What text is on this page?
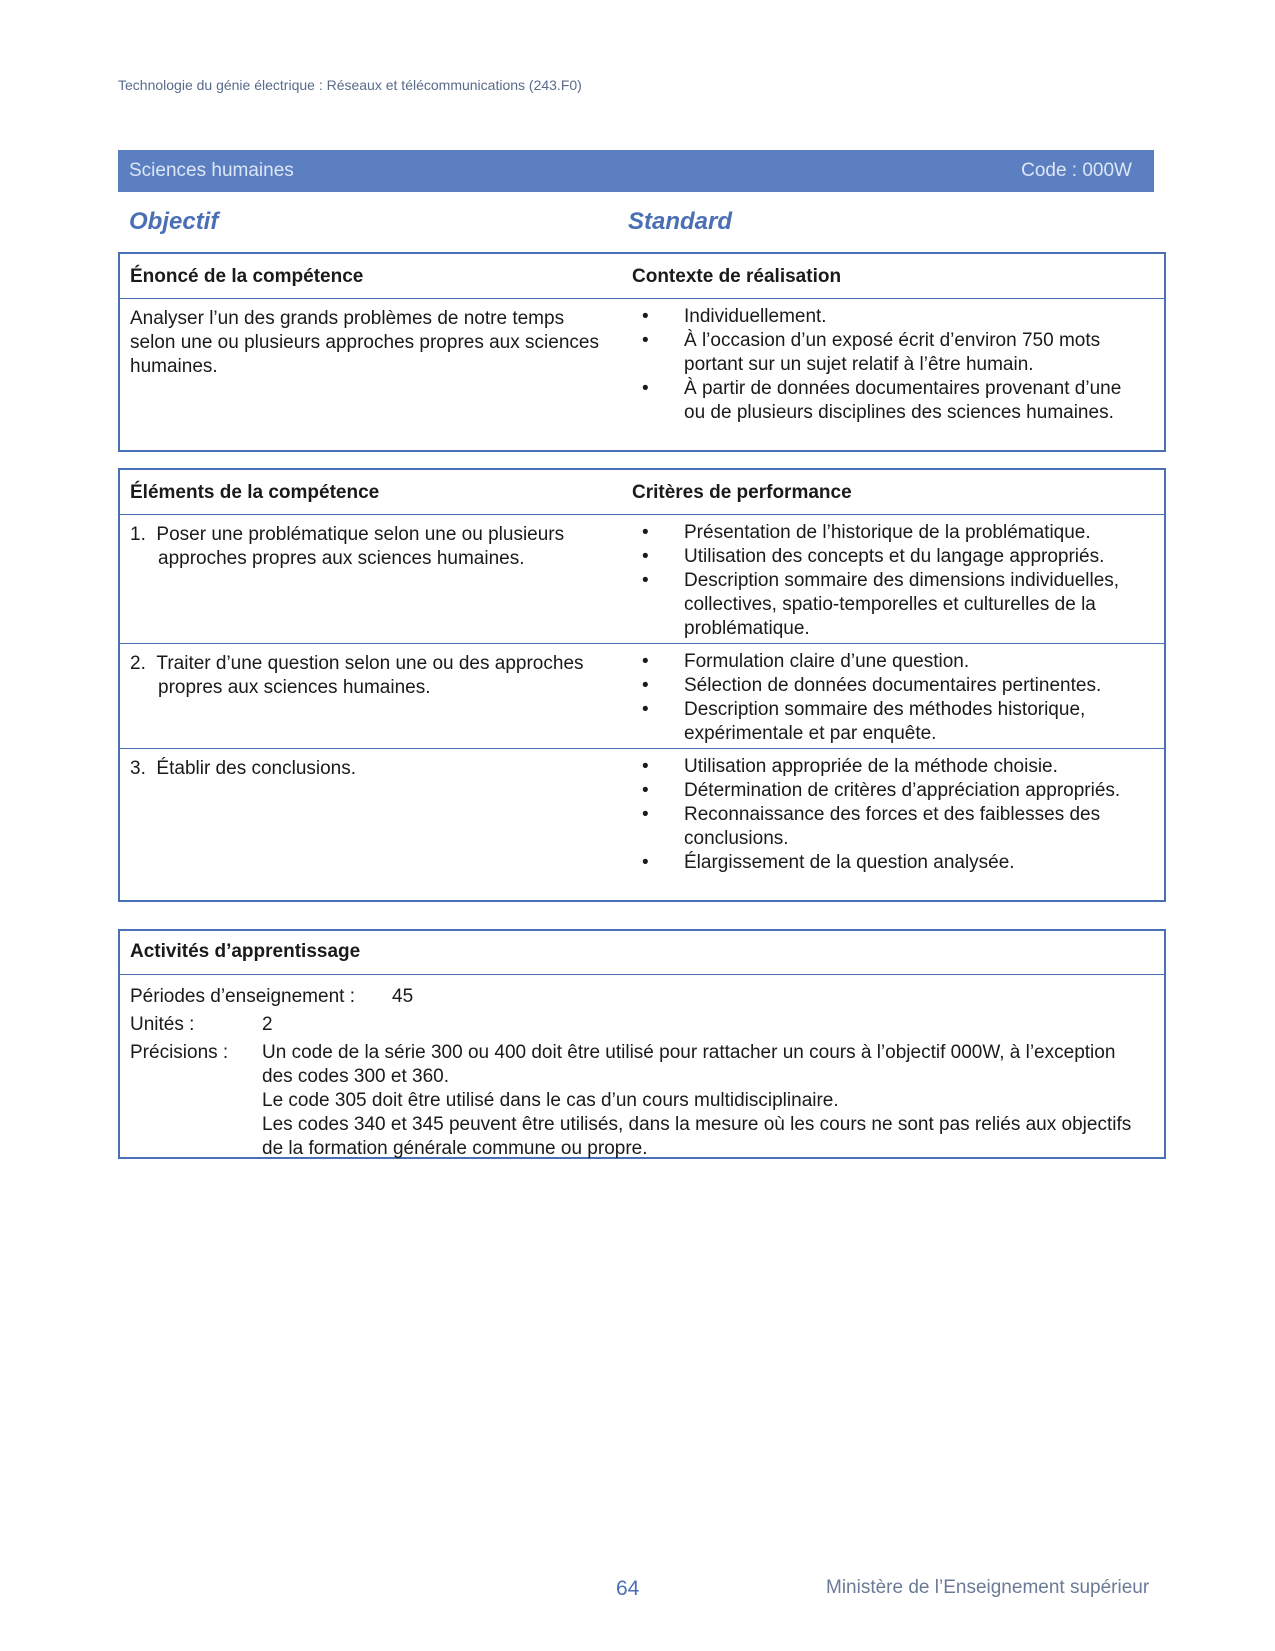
Technologie du génie électrique : Réseaux et télécommunications (243.F0)
Sciences humaines	Code : 000W
Objectif	Standard
Énoncé de la compétence	Contexte de réalisation
Analyser l’un des grands problèmes de notre temps selon une ou plusieurs approches propres aux sciences humaines.
• Individuellement.
• À l’occasion d’un exposé écrit d’environ 750 mots portant sur un sujet relatif à l’être humain.
• À partir de données documentaires provenant d’une ou de plusieurs disciplines des sciences humaines.
Éléments de la compétence	Critères de performance
1. Poser une problématique selon une ou plusieurs approches propres aux sciences humaines.
• Présentation de l’historique de la problématique.
• Utilisation des concepts et du langage appropriés.
• Description sommaire des dimensions individuelles, collectives, spatio-temporelles et culturelles de la problématique.
2. Traiter d’une question selon une ou des approches propres aux sciences humaines.
• Formulation claire d’une question.
• Sélection de données documentaires pertinentes.
• Description sommaire des méthodes historique, expérimentale et par enquête.
3. Établir des conclusions.
•	Utilisation appropriée de la méthode choisie.
• Détermination de critères d’appréciation appropriés.
• Reconnaissance des forces et des faiblesses des conclusions.
• Élargissement de la question analysée.
Activités d’apprentissage
Périodes d’enseignement : 45
Unités :	2
Précisions : Un code de la série 300 ou 400 doit être utilisé pour rattacher un cours à l’objectif 000W, à l’exception des codes 300 et 360.
Le code 305 doit être utilisé dans le cas d’un cours multidisciplinaire.
Les codes 340 et 345 peuvent être utilisés, dans la mesure où les cours ne sont pas reliés aux objectifs de la formation générale commune ou propre.
64	Ministère de l’Enseignement supérieur
